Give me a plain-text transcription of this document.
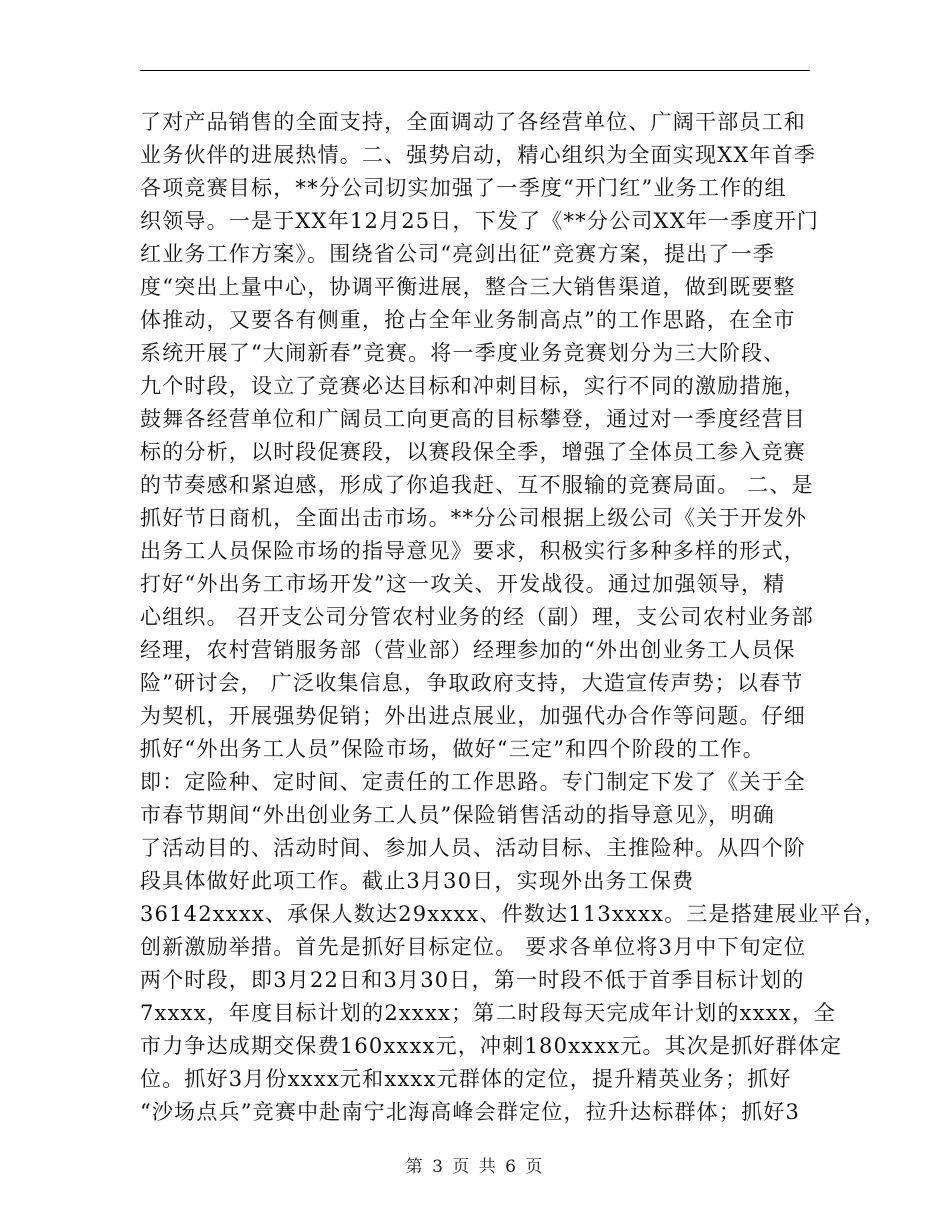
了对产品销售的全面支持，全面调动了各经营单位、广阔干部员工和
业务伙伴的进展热情。二、强势启动，精心组织为全面实现XX年首季
各项竞赛目标，**分公司切实加强了一季度“开门红”业务工作的组
织领导。一是于XX年12月25日，下发了《**分公司XX年一季度开门
红业务工作方案》。围绕省公司“亮剑出征”竞赛方案，提出了一季
度“突出上量中心，协调平衡进展，整合三大销售渠道，做到既要整
体推动，又要各有侧重，抢占全年业务制高点”的工作思路，在全市
系统开展了“大闹新春”竞赛。将一季度业务竞赛划分为三大阶段、
九个时段，设立了竞赛必达目标和冲刺目标，实行不同的激励措施，
鼓舞各经营单位和广阔员工向更高的目标攀登，通过对一季度经营目
标的分析，以时段促赛段，以赛段保全季，增强了全体员工参入竞赛
的节奏感和紧迫感，形成了你追我赶、互不服输的竞赛局面。 二、是
抓好节日商机，全面出击市场。**分公司根据上级公司《关于开发外
出务工人员保险市场的指导意见》要求，积极实行多种多样的形式，
打好“外出务工市场开发”这一攻关、开发战役。通过加强领导，精
心组织。 召开支公司分管农村业务的经（副）理，支公司农村业务部
经理，农村营销服务部（营业部）经理参加的“外出创业务工人员保
险”研讨会， 广泛收集信息，争取政府支持，大造宣传声势；以春节
为契机，开展强势促销；外出进点展业，加强代办合作等问题。仔细
抓好“外出务工人员”保险市场，做好“三定”和四个阶段的工作。
即：定险种、定时间、定责任的工作思路。专门制定下发了《关于全
市春节期间“外出创业务工人员”保险销售活动的指导意见》，明确
了活动目的、活动时间、参加人员、活动目标、主推险种。从四个阶
段具体做好此项工作。截止3月30日，实现外出务工保费
36142xxxx、承保人数达29xxxx、件数达113xxxx。三是搭建展业平台，
创新激励举措。首先是抓好目标定位。 要求各单位将3月中下旬定位
两个时段，即3月22日和3月30日，第一时段不低于首季目标计划的
7xxxx，年度目标计划的2xxxx；第二时段每天完成年计划的xxxx，全
市力争达成期交保费160xxxx元，冲刺180xxxx元。其次是抓好群体定
位。抓好3月份xxxx元和xxxx元群体的定位，提升精英业务；抓好
“沙场点兵”竞赛中赴南宁北海高峰会群定位，拉升达标群体；抓好3
第 3 页 共 6 页
